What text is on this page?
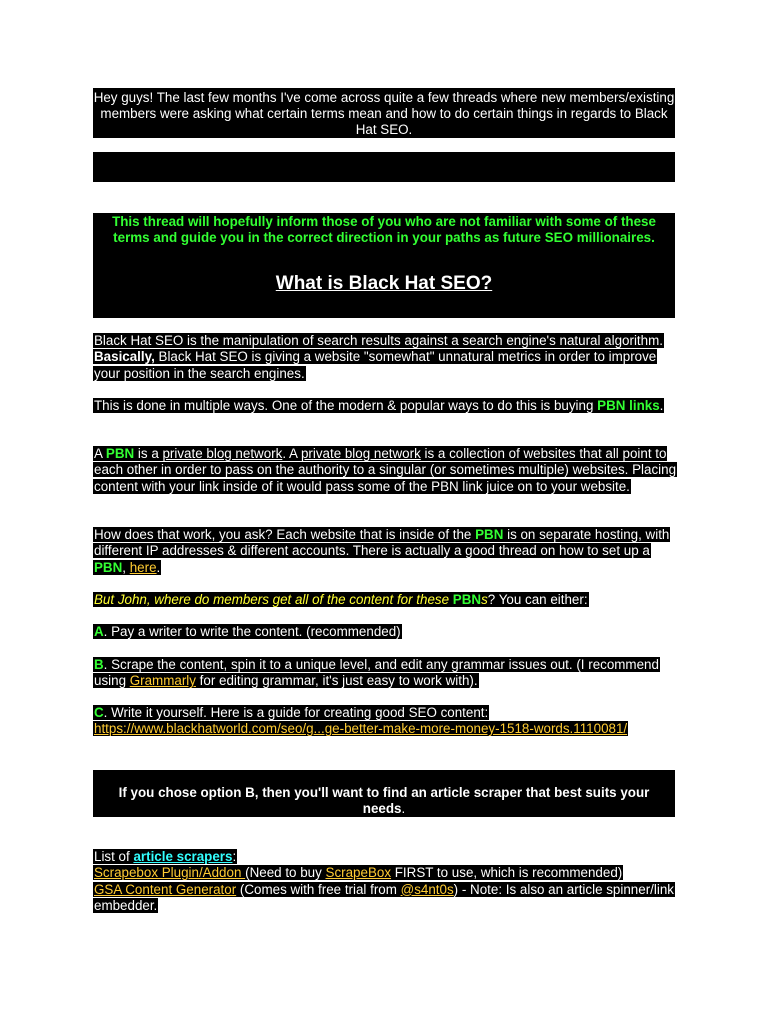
Hey guys! The last few months I've come across quite a few threads where new members/existing members were asking what certain terms mean and how to do certain things in regards to Black Hat SEO.
This thread will hopefully inform those of you who are not familiar with some of these terms and guide you in the correct direction in your paths as future SEO millionaires.
What is Black Hat SEO?
Black Hat SEO is the manipulation of search results against a search engine's natural algorithm. Basically, Black Hat SEO is giving a website "somewhat" unnatural metrics in order to improve your position in the search engines.
This is done in multiple ways. One of the modern & popular ways to do this is buying PBN links.
A PBN is a private blog network. A private blog network is a collection of websites that all point to each other in order to pass on the authority to a singular (or sometimes multiple) websites. Placing content with your link inside of it would pass some of the PBN link juice on to your website.
How does that work, you ask? Each website that is inside of the PBN is on separate hosting, with different IP addresses & different accounts. There is actually a good thread on how to set up a PBN, here.
But John, where do members get all of the content for these PBNs? You can either:
A. Pay a writer to write the content. (recommended)
B. Scrape the content, spin it to a unique level, and edit any grammar issues out. (I recommend using Grammarly for editing grammar, it's just easy to work with).
C. Write it yourself. Here is a guide for creating good SEO content: https://www.blackhatworld.com/seo/g...ge-better-make-more-money-1518-words.1110081/
If you chose option B, then you'll want to find an article scraper that best suits your needs.
List of article scrapers:
Scrapebox Plugin/Addon (Need to buy ScrapeBox FIRST to use, which is recommended)
GSA Content Generator (Comes with free trial from @s4nt0s) - Note: Is also an article spinner/link embedder.
